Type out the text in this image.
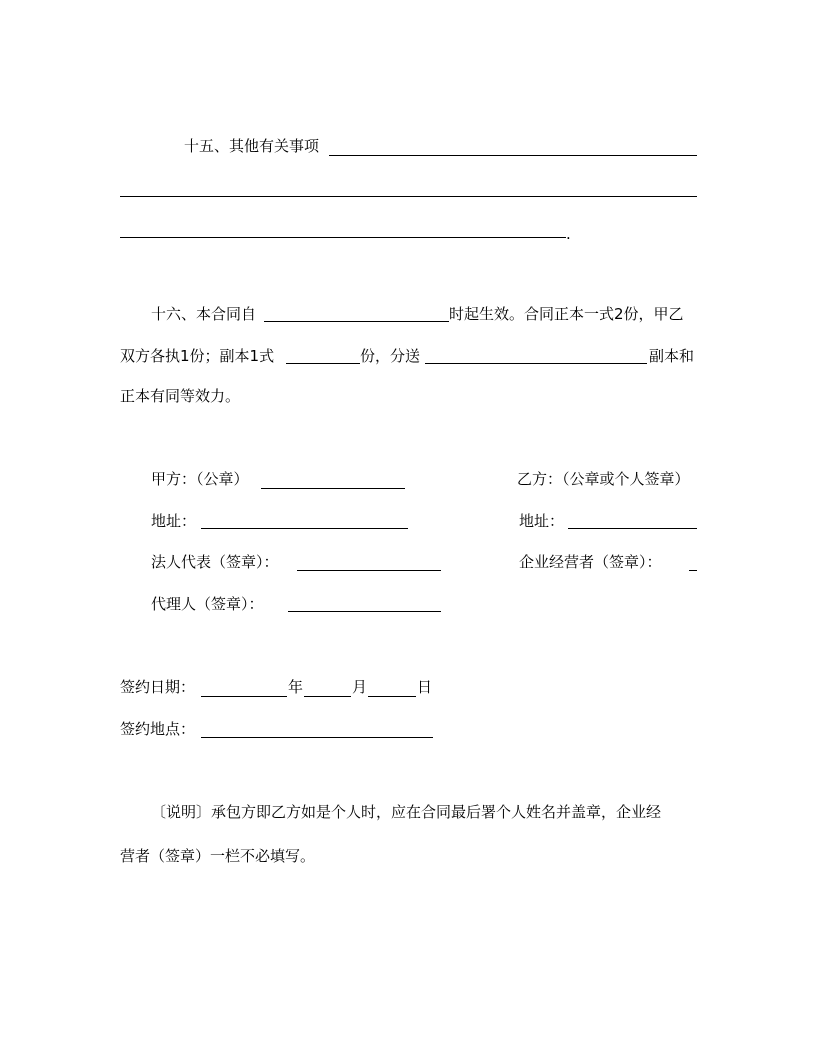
十五、其他有关事项
.
十六、本合同自	时起生效。合同正本一式2份，甲乙
双方各执1份；副本1式	份，分送	副本和
正本有同等效力。
甲方：（公章）	乙方：（公章或个人签章）
地址：	地址：
法人代表（签章）：	企业经营者（签章）：
代理人（签章）：
签约日期：	年	月	日
签约地点：
〔说明〕承包方即乙方如是个人时，应在合同最后署个人姓名并盖章，企业经
营者（签章）一栏不必填写。
